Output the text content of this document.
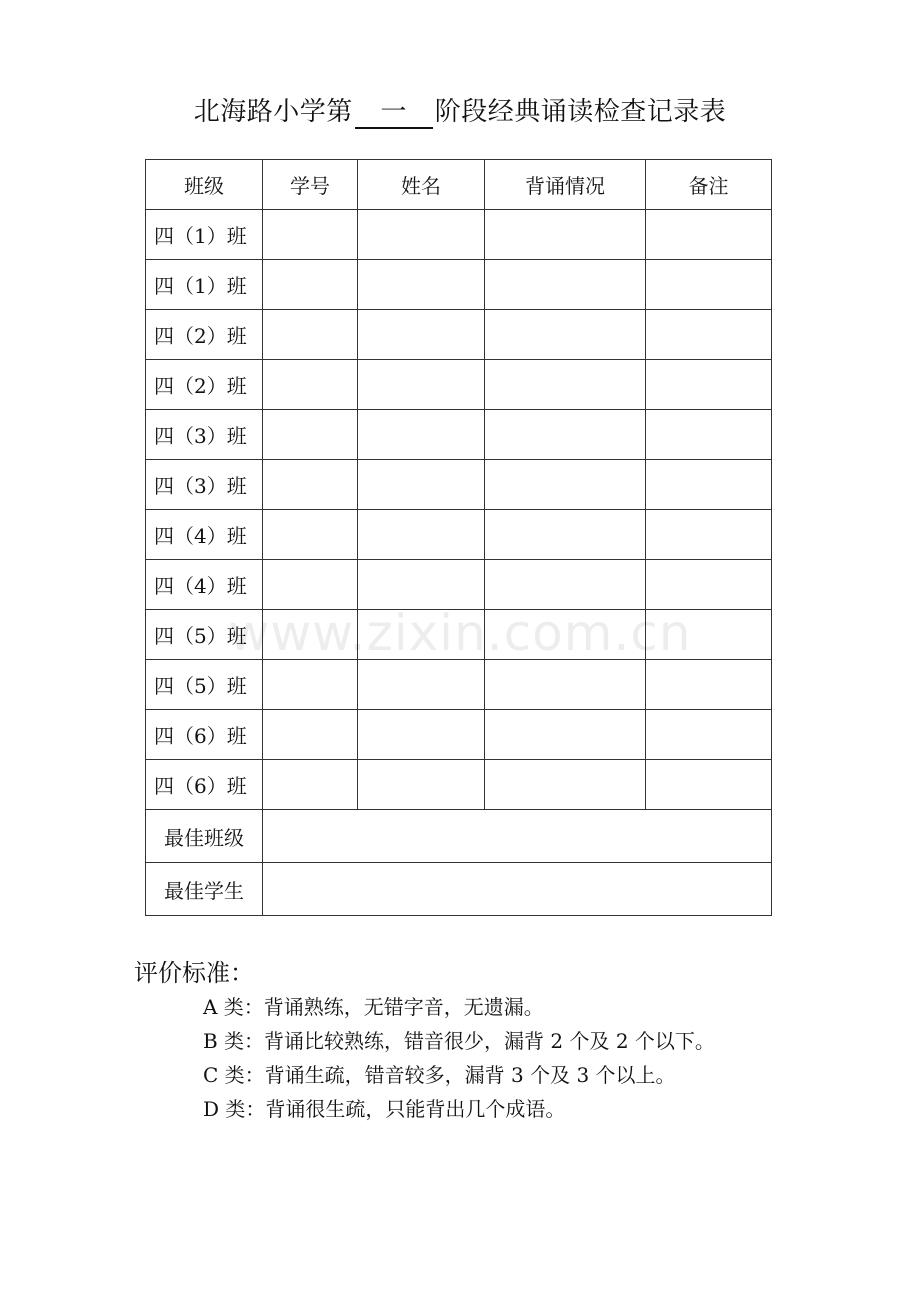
北海路小学第 一 阶段经典诵读检查记录表
班级	学号	姓名	背诵情况	备注
四（1）班				
四（1）班				
四（2）班				
四（2）班				
四（3）班				
四（3）班				
四（4）班				
四（4）班				
四（5）班				
四（5）班				
四（6）班				
四（6）班				
最佳班级				
最佳学生				
评价标准：
A 类：背诵熟练，无错字音，无遗漏。
B 类：背诵比较熟练，错音很少，漏背 2 个及 2 个以下。
C 类：背诵生疏，错音较多，漏背 3 个及 3 个以上。
D 类：背诵很生疏，只能背出几个成语。
www.zixin.com.cn
